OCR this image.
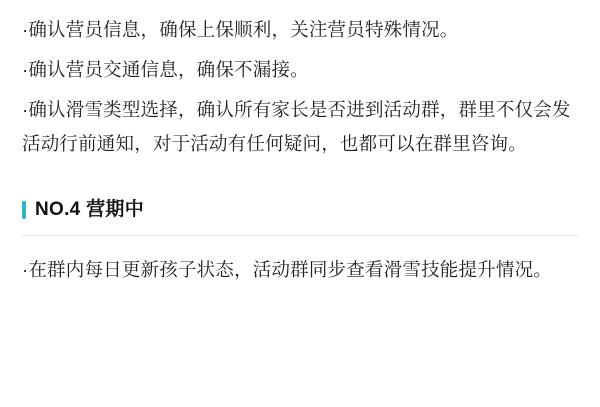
·确认营员信息，确保上保顺利，关注营员特殊情况。

·确认营员交通信息，确保不漏接。

·确认滑雪类型选择，确认所有家长是否进到活动群，群里不仅会发活动行前通知，对于活动有任何疑问，也都可以在群里咨询。

NO.4 营期中

·在群内每日更新孩子状态，活动群同步查看滑雪技能提升情况。
